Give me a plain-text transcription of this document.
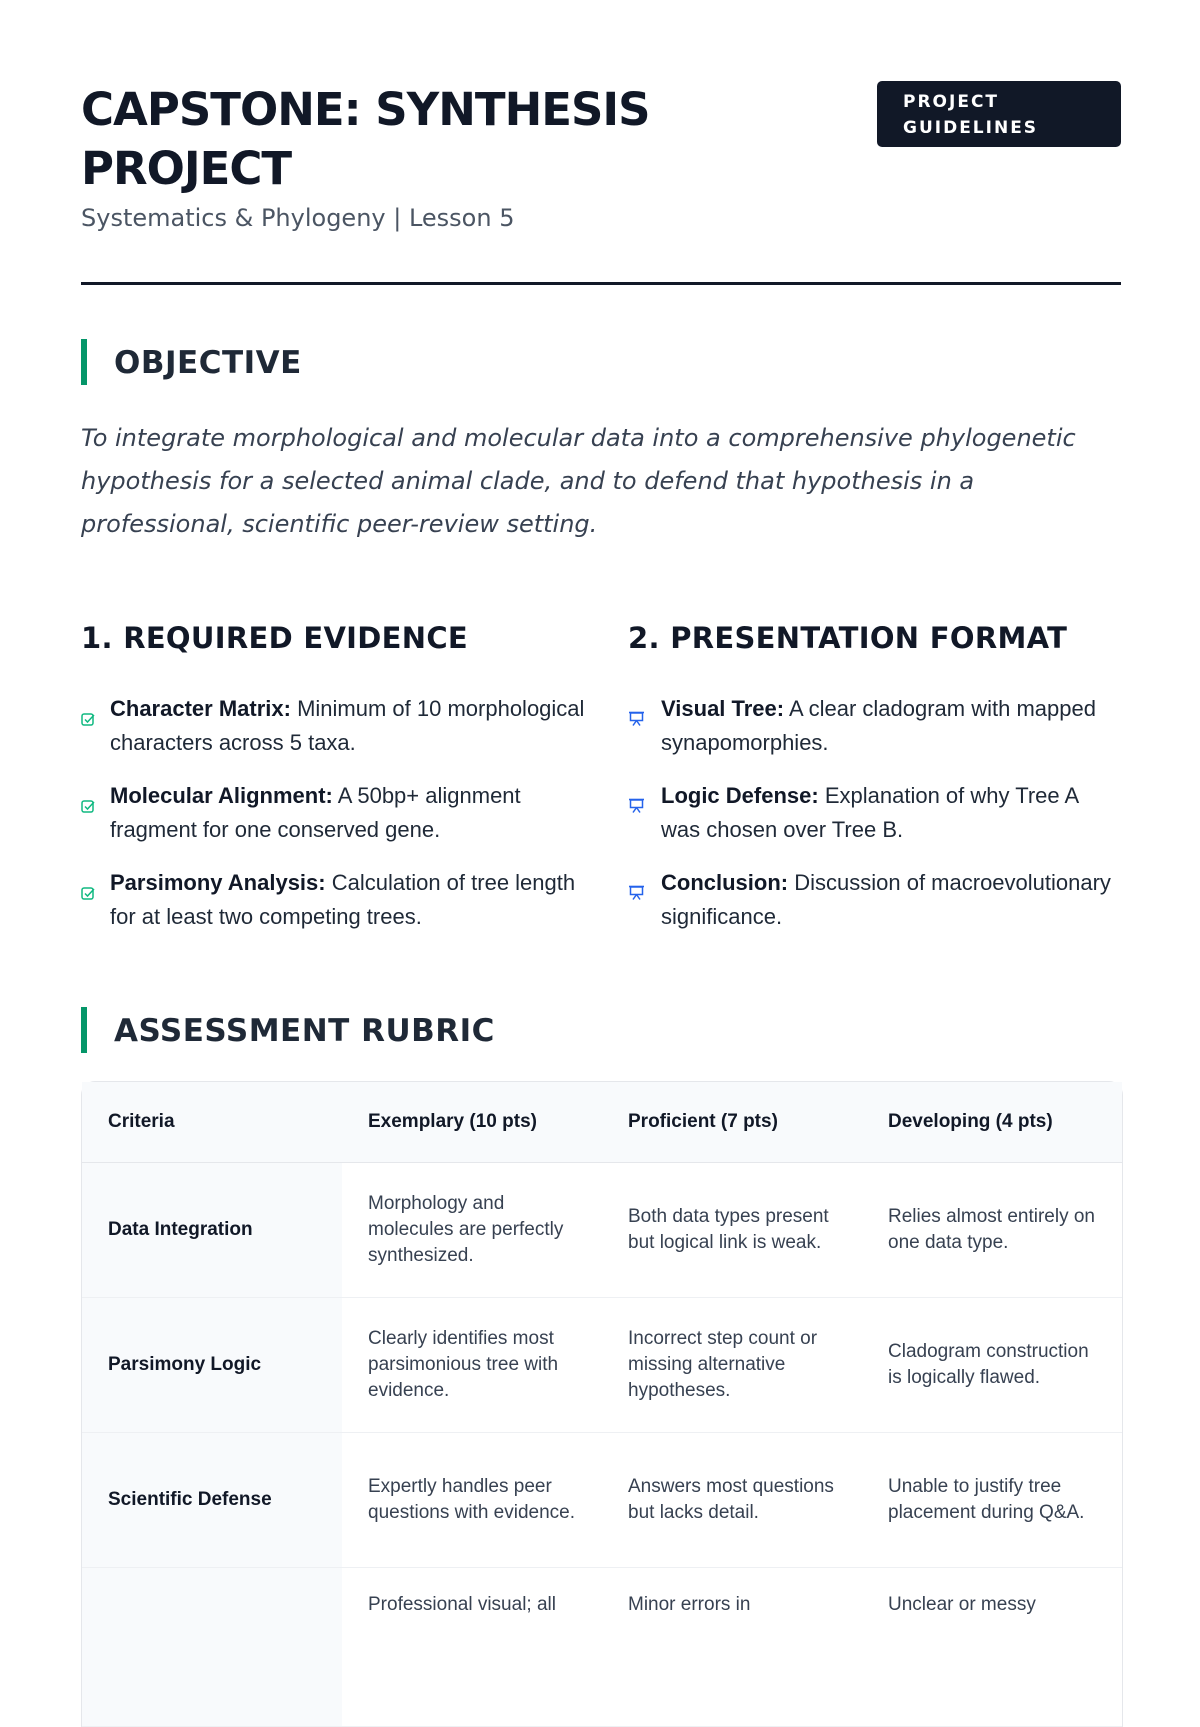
CAPSTONE: SYNTHESIS PROJECT
Systematics & Phylogeny | Lesson 5
PROJECT GUIDELINES
OBJECTIVE
To integrate morphological and molecular data into a comprehensive phylogenetic hypothesis for a selected animal clade, and to defend that hypothesis in a professional, scientific peer-review setting.
1. REQUIRED EVIDENCE
Character Matrix: Minimum of 10 morphological characters across 5 taxa.
Molecular Alignment: A 50bp+ alignment fragment for one conserved gene.
Parsimony Analysis: Calculation of tree length for at least two competing trees.
2. PRESENTATION FORMAT
Visual Tree: A clear cladogram with mapped synapomorphies.
Logic Defense: Explanation of why Tree A was chosen over Tree B.
Conclusion: Discussion of macroevolutionary significance.
ASSESSMENT RUBRIC
Criteria	Exemplary (10 pts)	Proficient (7 pts)	Developing (4 pts)
Data Integration	Morphology and molecules are perfectly synthesized.	Both data types present but logical link is weak.	Relies almost entirely on one data type.
Parsimony Logic	Clearly identifies most parsimonious tree with evidence.	Incorrect step count or missing alternative hypotheses.	Cladogram construction is logically flawed.
Scientific Defense	Expertly handles peer questions with evidence.	Answers most questions but lacks detail.	Unable to justify tree placement during Q&A.
	Professional visual; all	Minor errors in	Unclear or messy
